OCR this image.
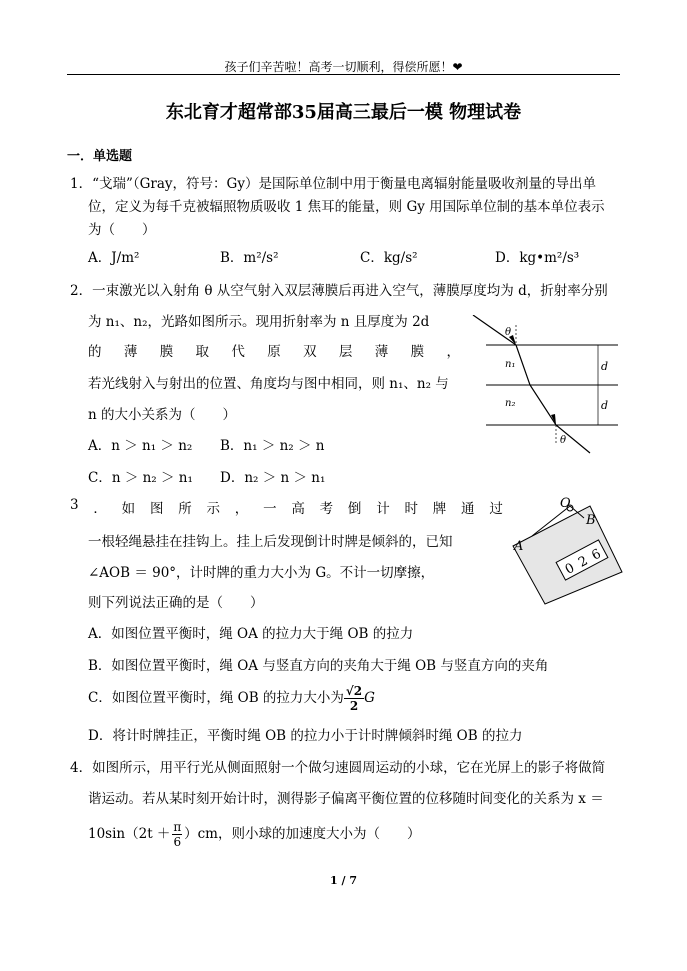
孩子们辛苦啦！高考一切顺利，得偿所愿！❤
东北育才超常部35届高三最后一模 物理试卷
一．单选题
1．“戈瑞”（Gray，符号：Gy）是国际单位制中用于衡量电离辐射能量吸收剂量的导出单
位，定义为每千克被辐照物质吸收 1 焦耳的能量，则 Gy 用国际单位制的基本单位表示
为（　　）
A．J/m²	B．m²/s²	C．kg/s²	D．kg•m²/s³
2．一束激光以入射角 θ 从空气射入双层薄膜后再进入空气，薄膜厚度均为 d，折射率分别
为 n₁、n₂，光路如图所示。现用折射率为 n 且厚度为 2d
的 薄 膜 取 代 原 双 层 薄 膜 ，
若光线射入与射出的位置、角度均与图中相同，则 n₁、n₂ 与
n 的大小关系为（　　）
A．n ＞ n₁ ＞ n₂ B．n₁ ＞ n₂ ＞ n
C．n ＞ n₂ ＞ n₁ D．n₂ ＞ n ＞ n₁
θ
n₁
n₂
d
d
θ
3 ． 如 图 所 示 ， 一 高 考 倒 计 时 牌 通 过
一根轻绳悬挂在挂钩上。挂上后发现倒计时牌是倾斜的，已知
∠AOB ＝ 90°，计时牌的重力大小为 G。不计一切摩擦，
则下列说法正确的是（　　）
A．如图位置平衡时，绳 OA 的拉力大于绳 OB 的拉力
B．如图位置平衡时，绳 OA 与竖直方向的夹角大于绳 OB 与竖直方向的夹角
C．如图位置平衡时，绳 OB 的拉力大小为 $\frac{√2}{2}$ G
D．将计时牌挂正，平衡时绳 OB 的拉力小于计时牌倾斜时绳 OB 的拉力
O
A
B
0
2
6
4．如图所示，用平行光从侧面照射一个做匀速圆周运动的小球，它在光屏上的影子将做简
谐运动。若从某时刻开始计时，测得影子偏离平衡位置的位移随时间变化的关系为 x ＝
$10\sin(2t + \frac{\pi}{6} )cm$，则小球的加速度大小为（　　）
1 / 7
